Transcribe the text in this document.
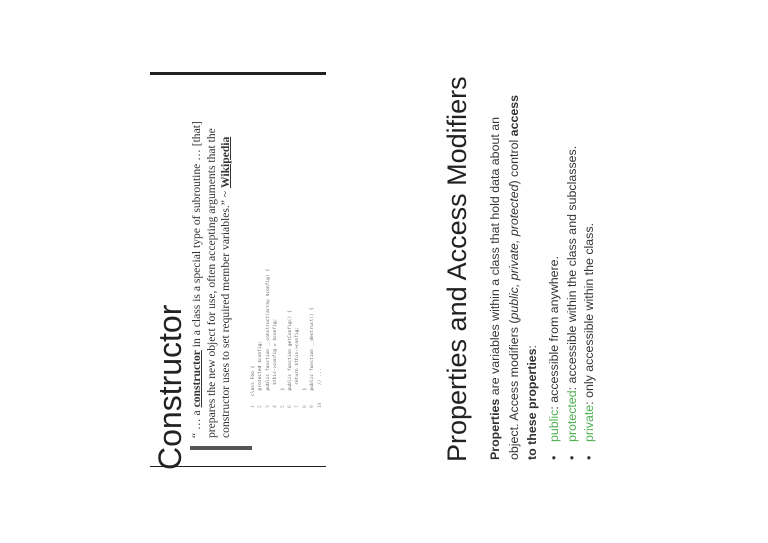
Constructor “ … a constructor in a class is a special type of subroutine … [that] prepares the new object for use, often accepting arguments that the constructor uses to set required member variables.” ~ Wikipedia
1class Foo {
2  protected $config;
3  public function __construct(array $config) {
4    $this->config = $config;
5  }
6  public function getConfig() {
7    return $this->config;
8  }
9  public function __destruct() {
10    // ...	Properties and Access Modifiers	Properties are variables within a class that hold data about an object. Access modifiers (public, private, protected) control access to these properties:
• public: accessible from anywhere.
• protected: accessible within the class and subclasses.
• private: only accessible within the class.
